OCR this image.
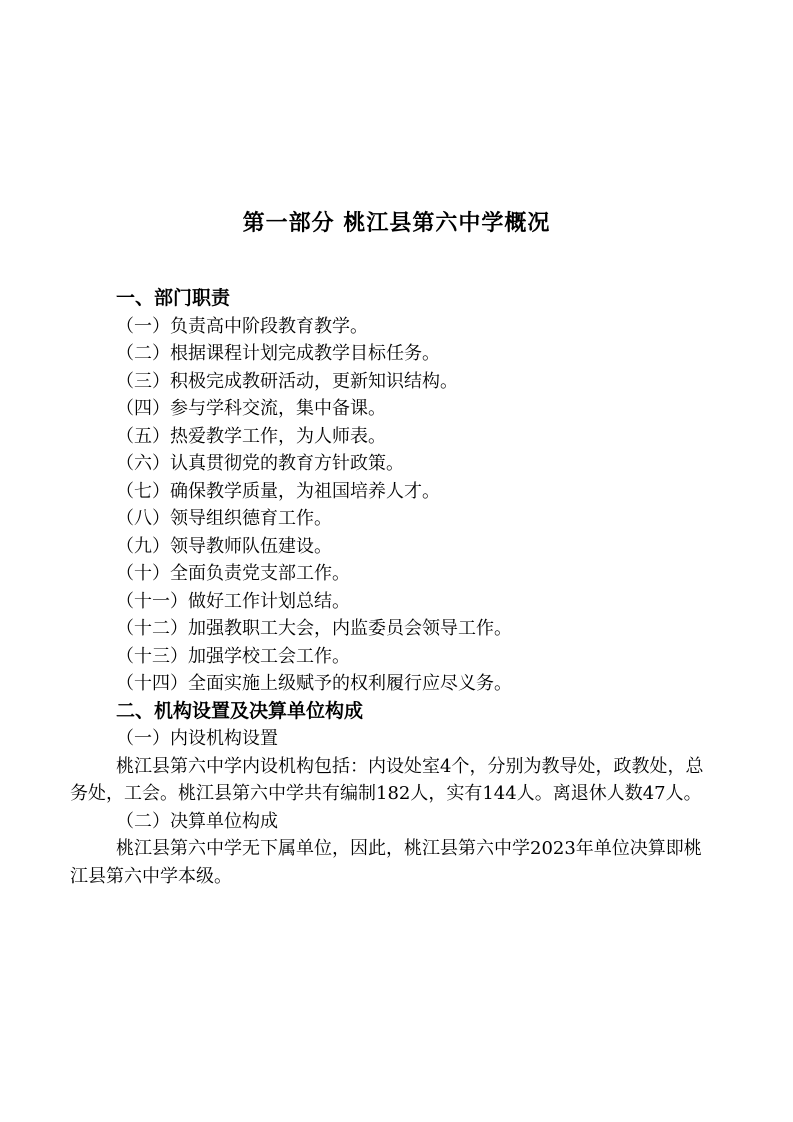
第一部分 桃江县第六中学概况

一、部门职责

（一）负责高中阶段教育教学。

（二）根据课程计划完成教学目标任务。

（三）积极完成教研活动，更新知识结构。

（四）参与学科交流，集中备课。

（五）热爱教学工作，为人师表。

（六）认真贯彻党的教育方针政策。

（七）确保教学质量，为祖国培养人才。

（八）领导组织德育工作。

（九）领导教师队伍建设。

（十）全面负责党支部工作。

（十一）做好工作计划总结。

（十二）加强教职工大会，内监委员会领导工作。

（十三）加强学校工会工作。

（十四）全面实施上级赋予的权利履行应尽义务。

二、机构设置及决算单位构成

（一）内设机构设置

桃江县第六中学内设机构包括：内设处室4个，分别为教导处，政教处，总务处，工会。桃江县第六中学共有编制182人，实有144人。离退休人数47人。

（二）决算单位构成

桃江县第六中学无下属单位，因此，桃江县第六中学2023年单位决算即桃江县第六中学本级。
